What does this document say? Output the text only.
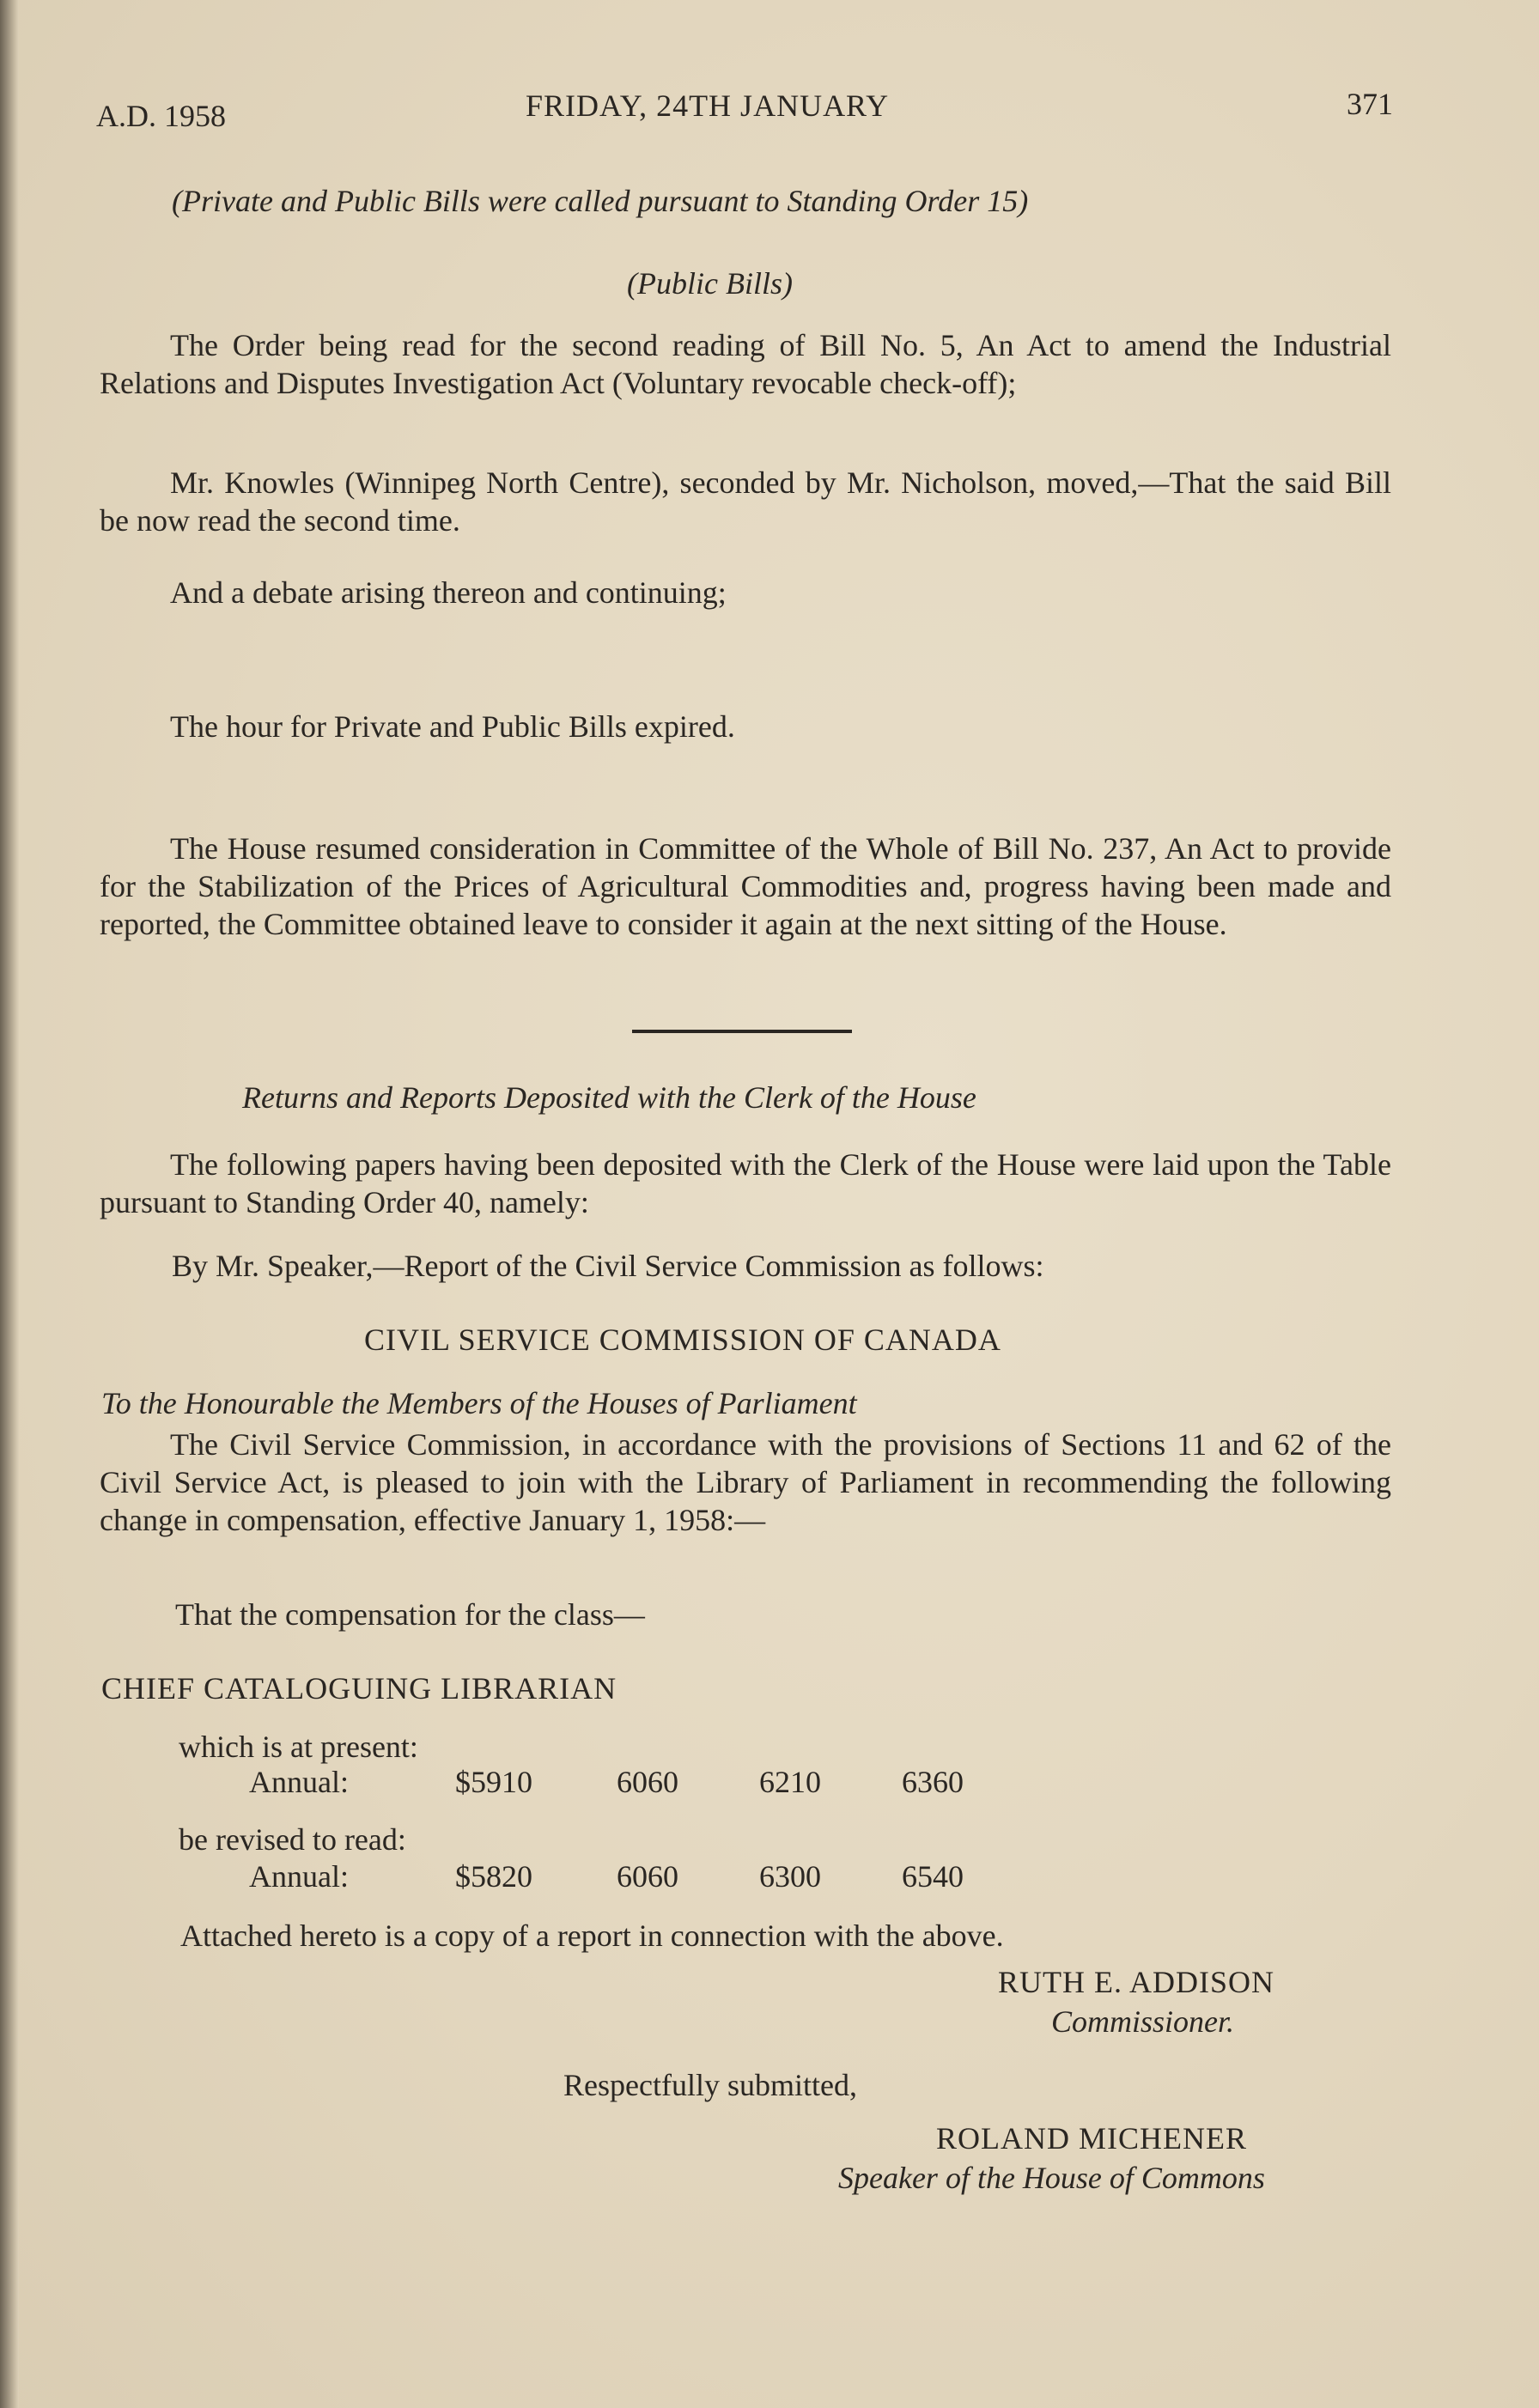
A.D. 1958	FRIDAY, 24TH JANUARY	371
(Private and Public Bills were called pursuant to Standing Order 15)
(Public Bills)
The Order being read for the second reading of Bill No. 5, An Act to amend the Industrial Relations and Disputes Investigation Act (Voluntary revocable check-off);
Mr. Knowles (Winnipeg North Centre), seconded by Mr. Nicholson, moved,—That the said Bill be now read the second time.
And a debate arising thereon and continuing;
The hour for Private and Public Bills expired.
The House resumed consideration in Committee of the Whole of Bill No. 237, An Act to provide for the Stabilization of the Prices of Agricultural Commodities and, progress having been made and reported, the Committee obtained leave to consider it again at the next sitting of the House.
Returns and Reports Deposited with the Clerk of the House
The following papers having been deposited with the Clerk of the House were laid upon the Table pursuant to Standing Order 40, namely:
By Mr. Speaker,—Report of the Civil Service Commission as follows:
CIVIL SERVICE COMMISSION OF CANADA
To the Honourable the Members of the Houses of Parliament
The Civil Service Commission, in accordance with the provisions of Sections 11 and 62 of the Civil Service Act, is pleased to join with the Library of Parliament in recommending the following change in compensation, effective January 1, 1958:—
That the compensation for the class—
CHIEF CATALOGUING LIBRARIAN
which is at present:
Annual:	$5910	6060	6210	6360
be revised to read:
Annual:	$5820	6060	6300	6540
Attached hereto is a copy of a report in connection with the above.
RUTH E. ADDISON
Commissioner.
Respectfully submitted,
ROLAND MICHENER
Speaker of the House of Commons
